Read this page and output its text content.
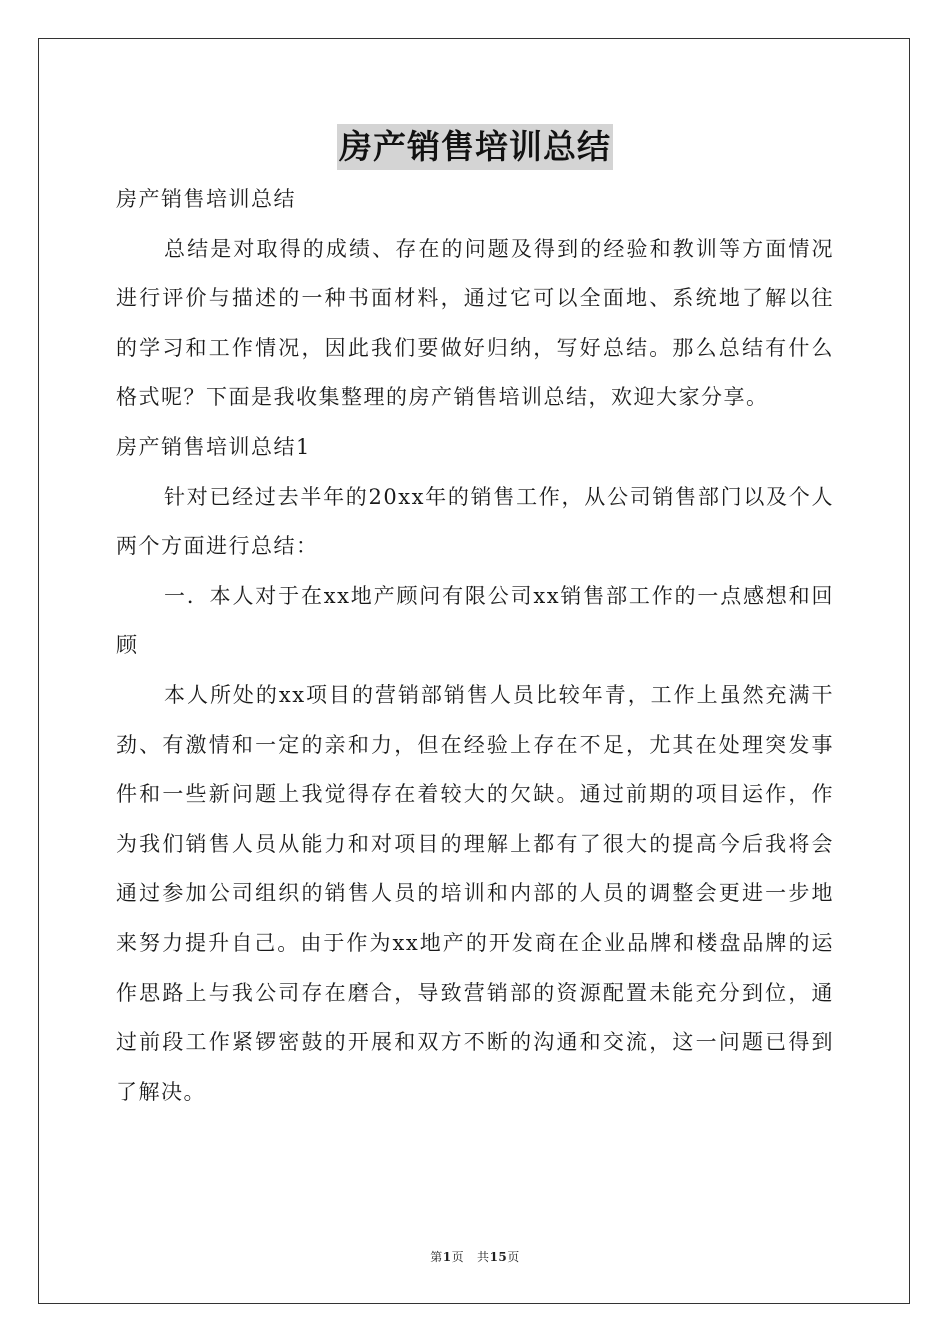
房产销售培训总结

房产销售培训总结

总结是对取得的成绩、存在的问题及得到的经验和教训等方面情况进行评价与描述的一种书面材料，通过它可以全面地、系统地了解以往的学习和工作情况，因此我们要做好归纳，写好总结。那么总结有什么格式呢？下面是我收集整理的房产销售培训总结，欢迎大家分享。

房产销售培训总结1

针对已经过去半年的20xx年的销售工作，从公司销售部门以及个人两个方面进行总结：

一．本人对于在xx地产顾问有限公司xx销售部工作的一点感想和回顾

本人所处的xx项目的营销部销售人员比较年青，工作上虽然充满干劲、有激情和一定的亲和力，但在经验上存在不足，尤其在处理突发事件和一些新问题上我觉得存在着较大的欠缺。通过前期的项目运作，作为我们销售人员从能力和对项目的理解上都有了很大的提高今后我将会通过参加公司组织的销售人员的培训和内部的人员的调整会更进一步地来努力提升自己。由于作为xx地产的开发商在企业品牌和楼盘品牌的运作思路上与我公司存在磨合，导致营销部的资源配置未能充分到位，通过前段工作紧锣密鼓的开展和双方不断的沟通和交流，这一问题已得到了解决。

第1页 共15页
